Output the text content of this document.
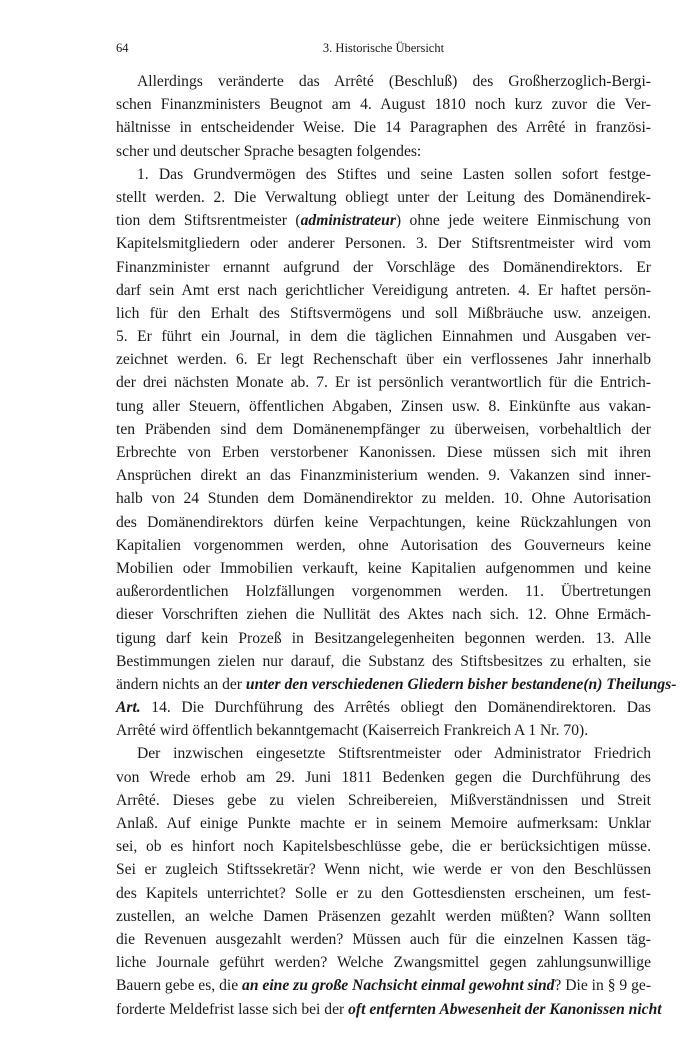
64	3. Historische Übersicht
Allerdings veränderte das Arrêté (Beschluß) des Großherzoglich-Bergi-
schen Finanzministers Beugnot am 4. August 1810 noch kurz zuvor die Ver-
hältnisse in entscheidender Weise. Die 14 Paragraphen des Arrêté in französi-
scher und deutscher Sprache besagten folgendes:
1. Das Grundvermögen des Stiftes und seine Lasten sollen sofort festge-
stellt werden. 2. Die Verwaltung obliegt unter der Leitung des Domänendirek-
tion dem Stiftsrentmeister (administrateur) ohne jede weitere Einmischung von
Kapitelsmitgliedern oder anderer Personen. 3. Der Stiftsrentmeister wird vom
Finanzminister ernannt aufgrund der Vorschläge des Domänendirektors. Er
darf sein Amt erst nach gerichtlicher Vereidigung antreten. 4. Er haftet persön-
lich für den Erhalt des Stiftsvermögens und soll Mißbräuche usw. anzeigen.
5. Er führt ein Journal, in dem die täglichen Einnahmen und Ausgaben ver-
zeichnet werden. 6. Er legt Rechenschaft über ein verflossenes Jahr innerhalb
der drei nächsten Monate ab. 7. Er ist persönlich verantwortlich für die Entrich-
tung aller Steuern, öffentlichen Abgaben, Zinsen usw. 8. Einkünfte aus vakan-
ten Präbenden sind dem Domänenempfänger zu überweisen, vorbehaltlich der
Erbrechte von Erben verstorbener Kanonissen. Diese müssen sich mit ihren
Ansprüchen direkt an das Finanzministerium wenden. 9. Vakanzen sind inner-
halb von 24 Stunden dem Domänendirektor zu melden. 10. Ohne Autorisation
des Domänendirektors dürfen keine Verpachtungen, keine Rückzahlungen von
Kapitalien vorgenommen werden, ohne Autorisation des Gouverneurs keine
Mobilien oder Immobilien verkauft, keine Kapitalien aufgenommen und keine
außerordentlichen Holzfällungen vorgenommen werden. 11. Übertretungen
dieser Vorschriften ziehen die Nullität des Aktes nach sich. 12. Ohne Ermäch-
tigung darf kein Prozeß in Besitzangelegenheiten begonnen werden. 13. Alle
Bestimmungen zielen nur darauf, die Substanz des Stiftsbesitzes zu erhalten, sie
ändern nichts an der unter den verschiedenen Gliedern bisher bestandene(n) Theilungs-
Art. 14. Die Durchführung des Arrêtés obliegt den Domänendirektoren. Das
Arrêté wird öffentlich bekanntgemacht (Kaiserreich Frankreich A 1 Nr. 70).
Der inzwischen eingesetzte Stiftsrentmeister oder Administrator Friedrich
von Wrede erhob am 29. Juni 1811 Bedenken gegen die Durchführung des
Arrêté. Dieses gebe zu vielen Schreibereien, Mißverständnissen und Streit
Anlaß. Auf einige Punkte machte er in seinem Memoire aufmerksam: Unklar
sei, ob es hinfort noch Kapitelsbeschlüsse gebe, die er berücksichtigen müsse.
Sei er zugleich Stiftssekretär? Wenn nicht, wie werde er von den Beschlüssen
des Kapitels unterrichtet? Solle er zu den Gottesdiensten erscheinen, um fest-
zustellen, an welche Damen Präsenzen gezahlt werden müßten? Wann sollten
die Revenuen ausgezahlt werden? Müssen auch für die einzelnen Kassen täg-
liche Journale geführt werden? Welche Zwangsmittel gegen zahlungsunwillige
Bauern gebe es, die an eine zu große Nachsicht einmal gewohnt sind? Die in § 9 ge-
forderte Meldefrist lasse sich bei der oft entfernten Abwesenheit der Kanonissen nicht
